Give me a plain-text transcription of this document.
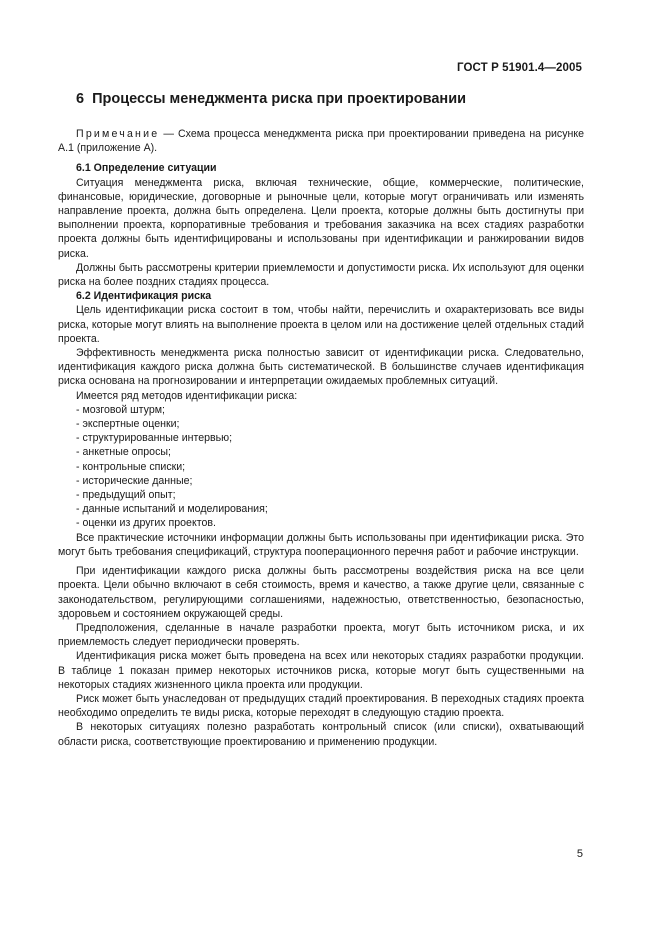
ГОСТ Р 51901.4—2005
6 Процессы менеджмента риска при проектировании

Примечание — Схема процесса менеджмента риска при проектировании приведена на рисунке А.1 (приложение А).

6.1 Определение ситуации

Ситуация менеджмента риска, включая технические, общие, коммерческие, политические, финансовые, юридические, договорные и рыночные цели, которые могут ограничивать или изменять направление проекта, должна быть определена. Цели проекта, которые должны быть достигнуты при выполнении проекта, корпоративные требования и требования заказчика на всех стадиях разработки проекта должны быть идентифицированы и использованы при идентификации и ранжировании видов риска.

Должны быть рассмотрены критерии приемлемости и допустимости риска. Их используют для оценки риска на более поздних стадиях процесса.

6.2 Идентификация риска

Цель идентификации риска состоит в том, чтобы найти, перечислить и охарактеризовать все виды риска, которые могут влиять на выполнение проекта в целом или на достижение целей отдельных стадий проекта.

Эффективность менеджмента риска полностью зависит от идентификации риска. Следовательно, идентификация каждого риска должна быть систематической. В большинстве случаев идентификация риска основана на прогнозировании и интерпретации ожидаемых проблемных ситуаций.

Имеется ряд методов идентификации риска:

- мозговой штурм;

- экспертные оценки;

- структурированные интервью;

- анкетные опросы;

- контрольные списки;

- исторические данные;

- предыдущий опыт;

- данные испытаний и моделирования;

- оценки из других проектов.

Все практические источники информации должны быть использованы при идентификации риска. Это могут быть требования спецификаций, структура пооперационного перечня работ и рабочие инструкции.

При идентификации каждого риска должны быть рассмотрены воздействия риска на все цели проекта. Цели обычно включают в себя стоимость, время и качество, а также другие цели, связанные с законодательством, регулирующими соглашениями, надежностью, ответственностью, безопасностью, здоровьем и состоянием окружающей среды.

Предположения, сделанные в начале разработки проекта, могут быть источником риска, и их приемлемость следует периодически проверять.

Идентификация риска может быть проведена на всех или некоторых стадиях разработки продукции. В таблице 1 показан пример некоторых источников риска, которые могут быть существенными на некоторых стадиях жизненного цикла проекта или продукции.

Риск может быть унаследован от предыдущих стадий проектирования. В переходных стадиях проекта необходимо определить те виды риска, которые переходят в следующую стадию проекта.

В некоторых ситуациях полезно разработать контрольный список (или списки), охватывающий области риска, соответствующие проектированию и применению продукции.

5
